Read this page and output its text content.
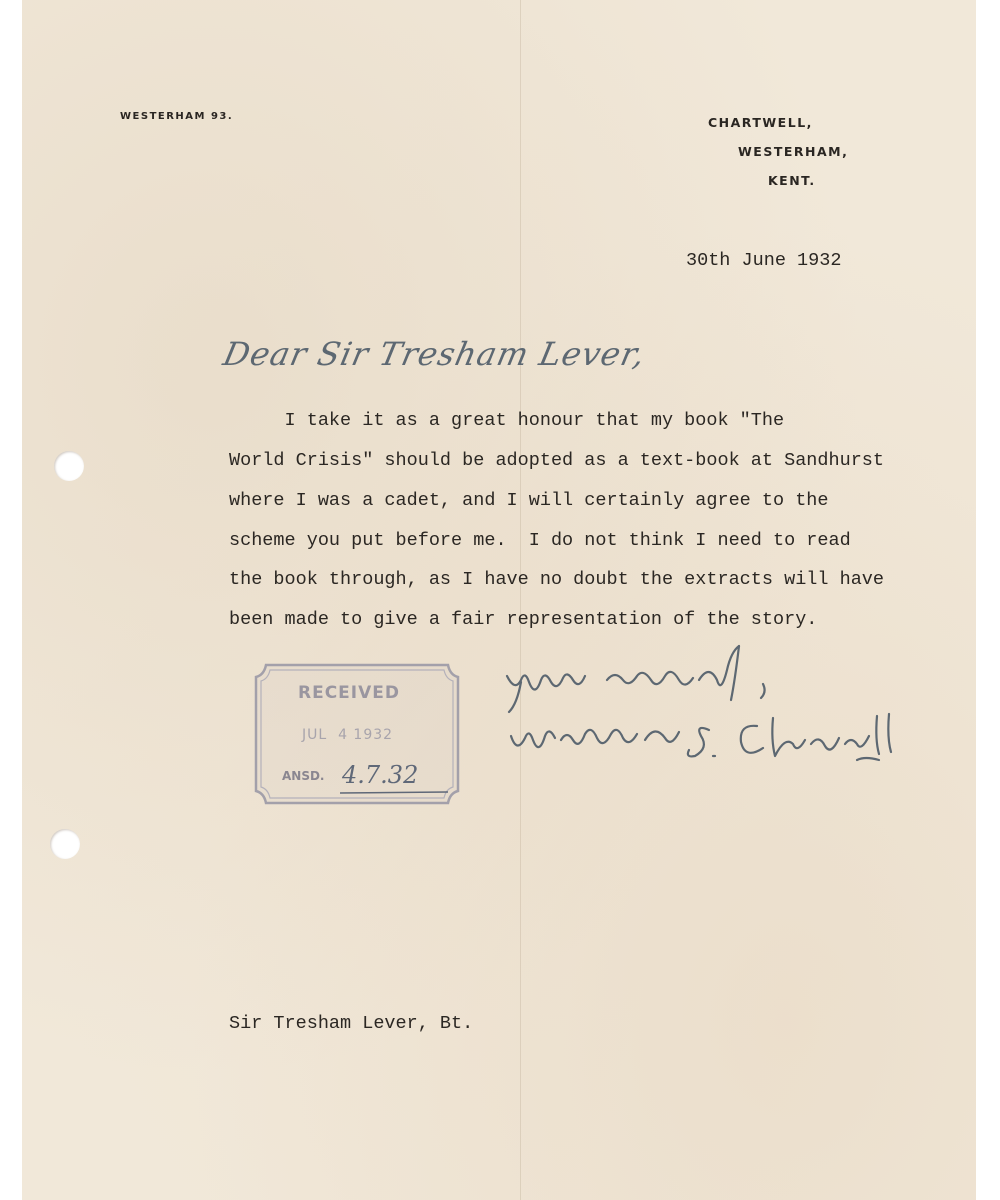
WESTERHAM 93.	CHARTWELL,
WESTERHAM,
KENT.
30th June 1932
Dear Sir Tresham Lever,
I take it as a great honour that my book "The
World Crisis" should be adopted as a text-book at Sandhurst
where I was a cadet, and I will certainly agree to the
scheme you put before me.  I do not think I need to read
the book through, as I have no doubt the extracts will have
been made to give a fair representation of the story.
RECEIVED
JUL  4 1932
ANSD. 4.7.32
Sir Tresham Lever, Bt.
